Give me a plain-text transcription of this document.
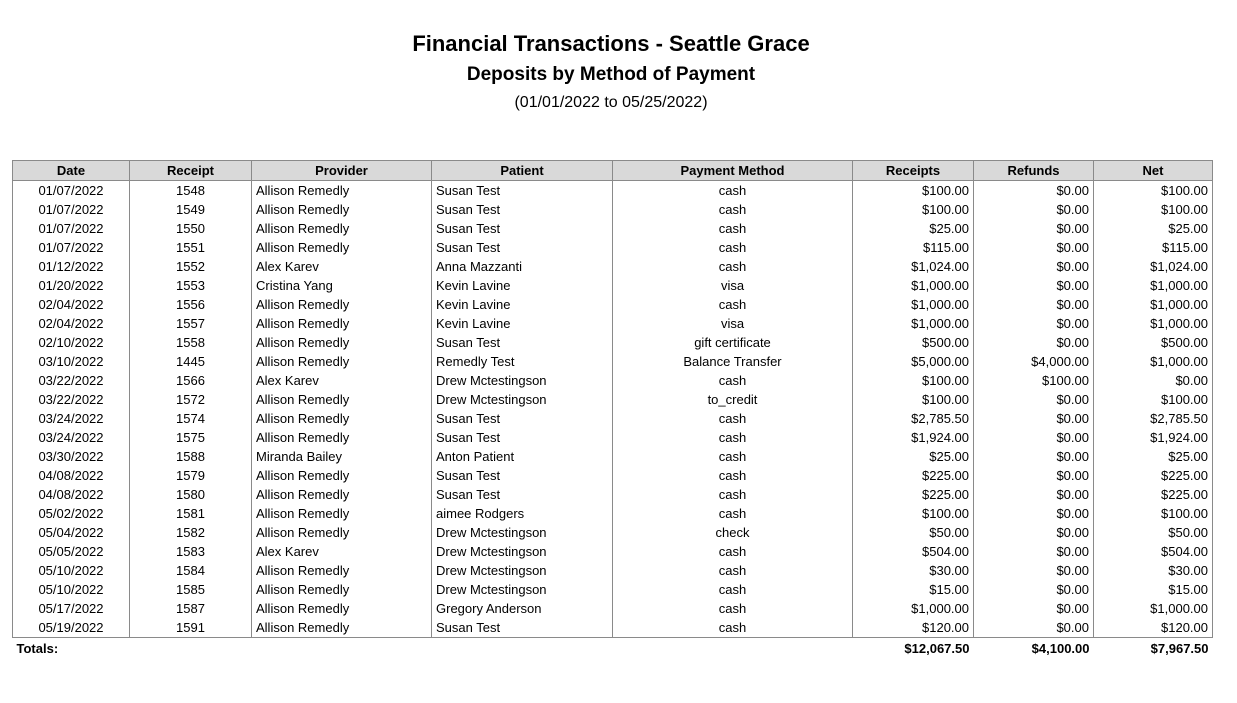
Financial Transactions - Seattle Grace
Deposits by Method of Payment
(01/01/2022 to 05/25/2022)
Date	Receipt	Provider	Patient	Payment Method	Receipts	Refunds	Net
01/07/2022	1548	Allison Remedly	Susan Test	cash	$100.00	$0.00	$100.00
01/07/2022	1549	Allison Remedly	Susan Test	cash	$100.00	$0.00	$100.00
01/07/2022	1550	Allison Remedly	Susan Test	cash	$25.00	$0.00	$25.00
01/07/2022	1551	Allison Remedly	Susan Test	cash	$115.00	$0.00	$115.00
01/12/2022	1552	Alex Karev	Anna Mazzanti	cash	$1,024.00	$0.00	$1,024.00
01/20/2022	1553	Cristina Yang	Kevin Lavine	visa	$1,000.00	$0.00	$1,000.00
02/04/2022	1556	Allison Remedly	Kevin Lavine	cash	$1,000.00	$0.00	$1,000.00
02/04/2022	1557	Allison Remedly	Kevin Lavine	visa	$1,000.00	$0.00	$1,000.00
02/10/2022	1558	Allison Remedly	Susan Test	gift certificate	$500.00	$0.00	$500.00
03/10/2022	1445	Allison Remedly	Remedly Test	Balance Transfer	$5,000.00	$4,000.00	$1,000.00
03/22/2022	1566	Alex Karev	Drew Mctestingson	cash	$100.00	$100.00	$0.00
03/22/2022	1572	Allison Remedly	Drew Mctestingson	to_credit	$100.00	$0.00	$100.00
03/24/2022	1574	Allison Remedly	Susan Test	cash	$2,785.50	$0.00	$2,785.50
03/24/2022	1575	Allison Remedly	Susan Test	cash	$1,924.00	$0.00	$1,924.00
03/30/2022	1588	Miranda Bailey	Anton Patient	cash	$25.00	$0.00	$25.00
04/08/2022	1579	Allison Remedly	Susan Test	cash	$225.00	$0.00	$225.00
04/08/2022	1580	Allison Remedly	Susan Test	cash	$225.00	$0.00	$225.00
05/02/2022	1581	Allison Remedly	aimee Rodgers	cash	$100.00	$0.00	$100.00
05/04/2022	1582	Allison Remedly	Drew Mctestingson	check	$50.00	$0.00	$50.00
05/05/2022	1583	Alex Karev	Drew Mctestingson	cash	$504.00	$0.00	$504.00
05/10/2022	1584	Allison Remedly	Drew Mctestingson	cash	$30.00	$0.00	$30.00
05/10/2022	1585	Allison Remedly	Drew Mctestingson	cash	$15.00	$0.00	$15.00
05/17/2022	1587	Allison Remedly	Gregory Anderson	cash	$1,000.00	$0.00	$1,000.00
05/19/2022	1591	Allison Remedly	Susan Test	cash	$120.00	$0.00	$120.00
Totals:					$12,067.50	$4,100.00	$7,967.50
